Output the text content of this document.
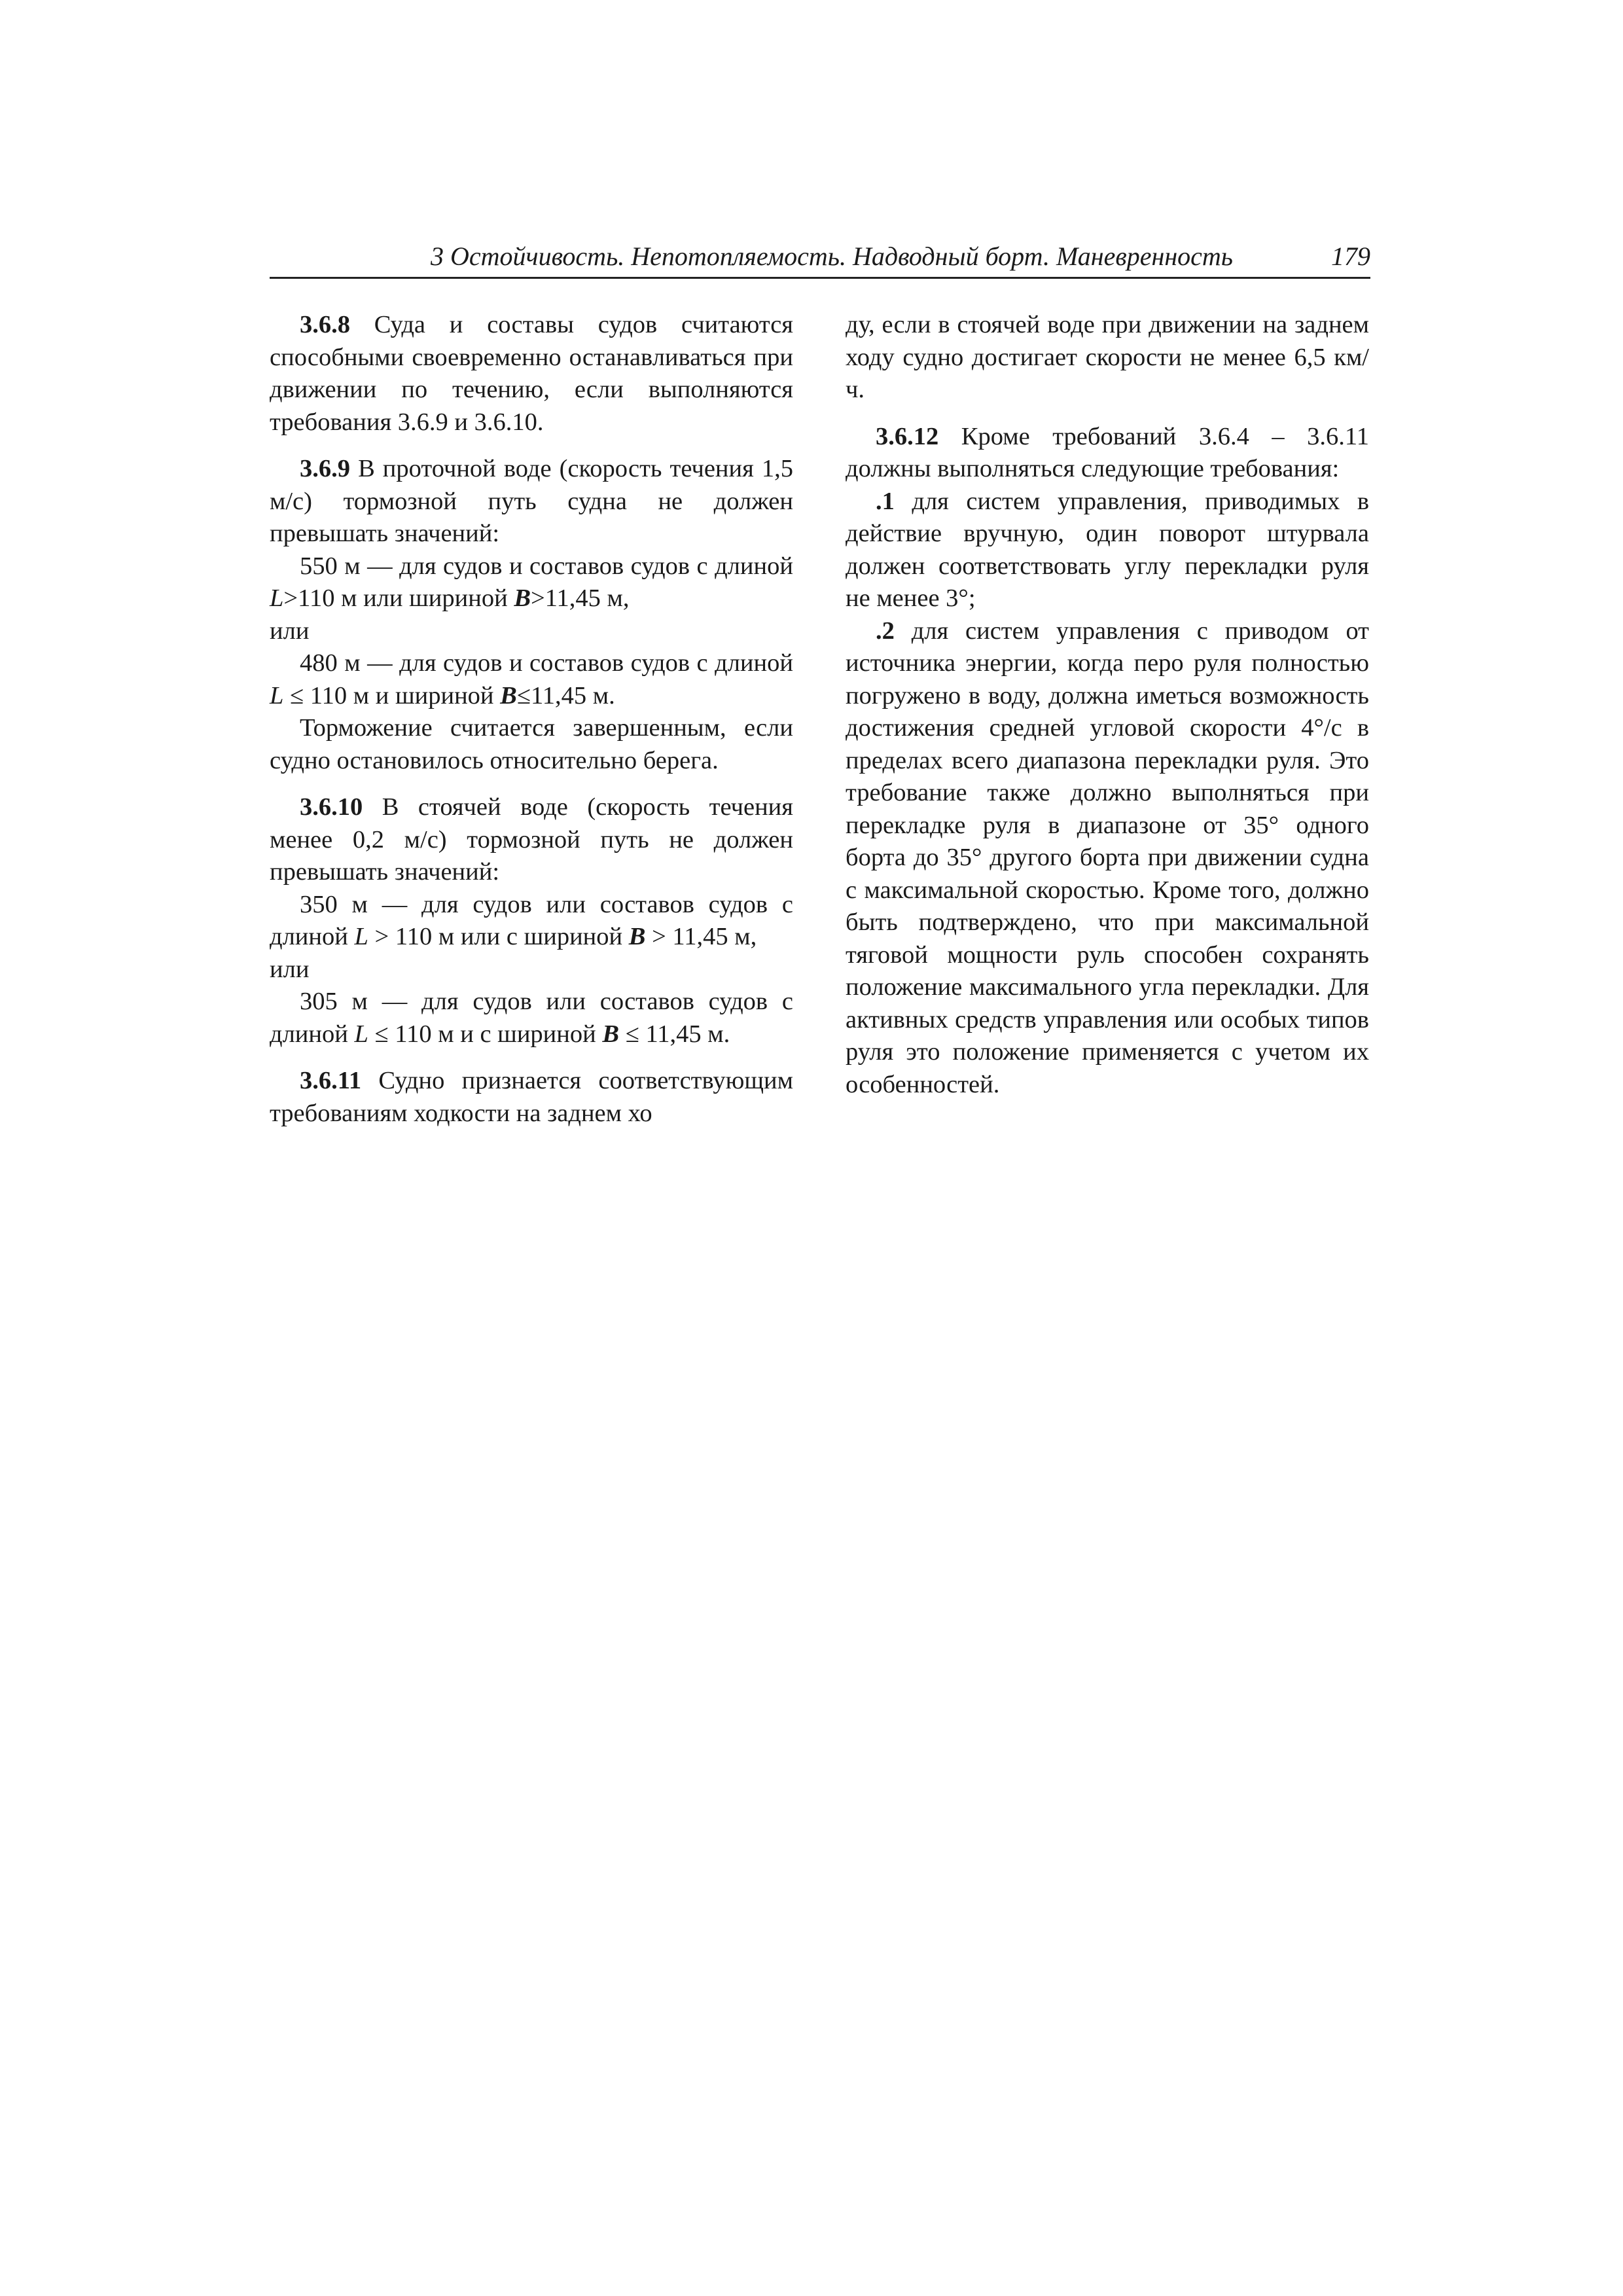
3 Остойчивость. Непотопляемость. Надводный борт. Маневренность	179

3.6.8 Суда и составы судов считаются способными своевременно останавливаться при движении по течению, если выполняются требования 3.6.9 и 3.6.10.

3.6.9 В проточной воде (скорость течения 1,5 м/с) тормозной путь судна не должен превышать значений:

550 м — для судов и составов судов с длиной L>110 м или шириной B>11,45 м,

или

480 м — для судов и составов судов с длиной L ≤ 110 м и шириной B≤11,45 м.

Торможение считается завершенным, если судно остановилось относительно берега.

3.6.10 В стоячей воде (скорость течения менее 0,2 м/с) тормозной путь не должен превышать значений:

350 м — для судов или составов судов с длиной L > 110 м или с шириной B > 11,45 м,

или

305 м — для судов или составов судов с длиной L ≤ 110 м и с шириной B ≤ 11,45 м.

3.6.11 Судно признается соответствующим требованиям ходкости на заднем хо

ду, если в стоячей воде при движении на заднем ходу судно достигает скорости не менее 6,5 км/ч.

3.6.12 Кроме требований 3.6.4 – 3.6.11 должны выполняться следующие требования:

.1 для систем управления, приводимых в действие вручную, один поворот штурвала должен соответствовать углу перекладки руля не менее 3°;

.2 для систем управления с приводом от источника энергии, когда перо руля полностью погружено в воду, должна иметься возможность достижения средней угловой скорости 4°/с в пределах всего диапазона перекладки руля. Это требование также должно выполняться при перекладке руля в диапазоне от 35° одного борта до 35° другого борта при движении судна с максимальной скоростью. Кроме того, должно быть подтверждено, что при максимальной тяговой мощности руль способен сохранять положение максимального угла перекладки. Для активных средств управления или особых типов руля это положение применяется с учетом их особенностей.
